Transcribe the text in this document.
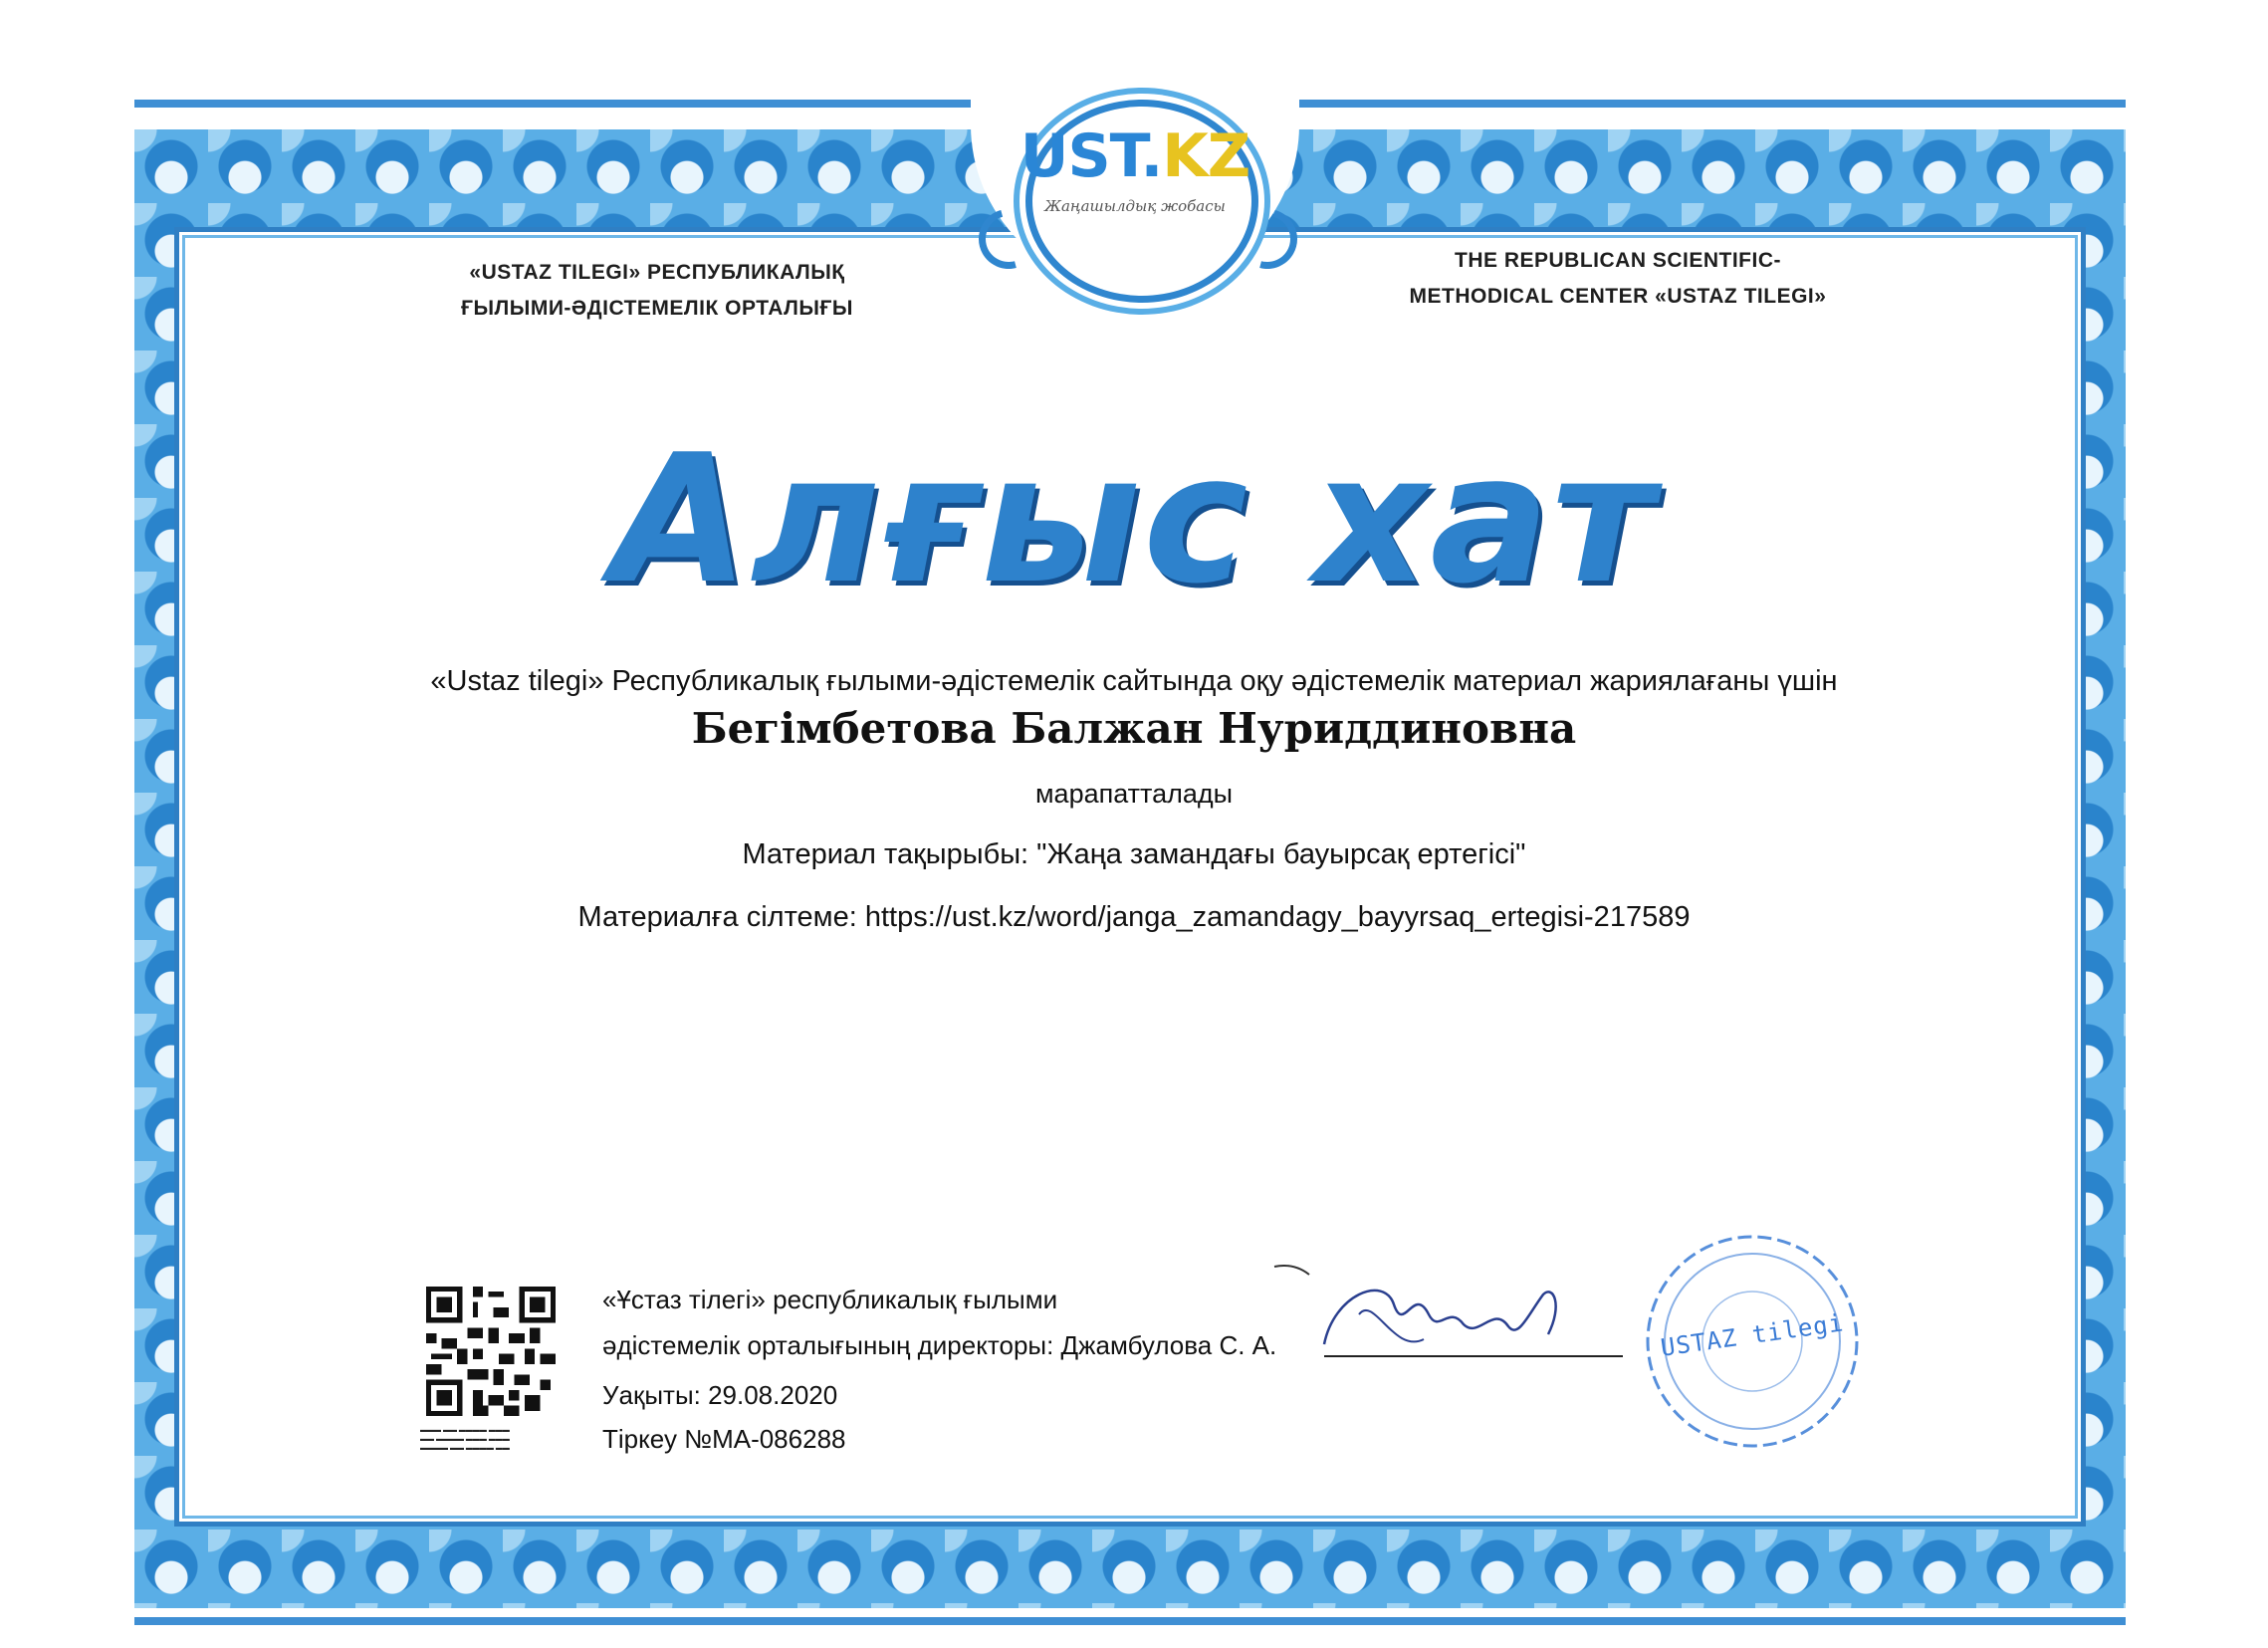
UST.KZ
Жаңашылдық жобасы
«USTAZ TILEGI» РЕСПУБЛИКАЛЫҚ
ҒЫЛЫМИ-ӘДІСТЕМЕЛІК ОРТАЛЫҒЫ
THE REPUBLICAN SCIENTIFIC-
METHODICAL CENTER «USTAZ TILEGI»
Алғыс хат
«Ustaz tilegi» Республикалық ғылыми-әдістемелік сайтында оқу әдістемелік материал жариялағаны үшін
Бегімбетова Балжан Нуриддиновна
марапатталады
Материал тақырыбы: "Жаңа замандағы бауырсақ ертегісі"
Материалға сілтеме: https://ust.kz/word/janga_zamandagy_bayyrsaq_ertegisi-217589
▬▬▬ ▬▬ ▬▬▬▬ ▬▬▬
▬▬ ▬▬▬▬ ▬▬▬ ▬▬▬
▬▬▬▬ ▬▬ ▬▬▬▬ ▬▬
«Ұстаз тілегі» республикалық ғылыми
әдістемелік орталығының директоры: Джамбулова С. А.
Уақыты: 29.08.2020
Тіркеу №МА-086288
USTAZ tilegi
